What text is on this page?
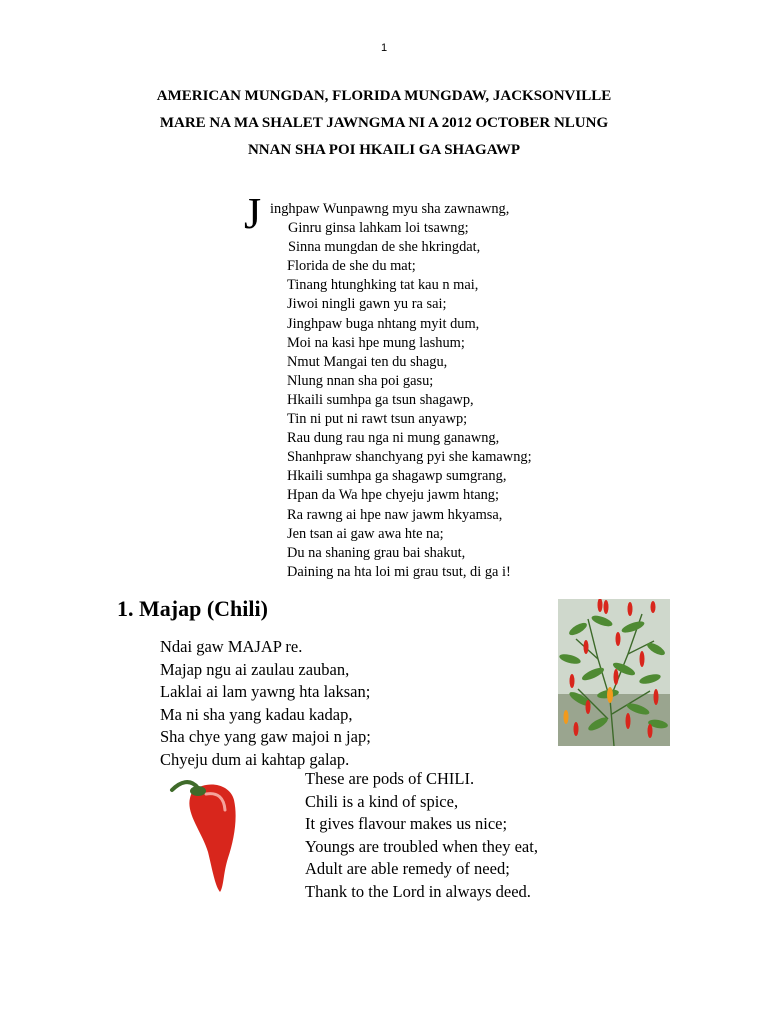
1
AMERICAN MUNGDAN, FLORIDA MUNGDAW, JACKSONVILLE
MARE NA MA SHALET JAWNGMA NI A 2012 OCTOBER NLUNG
NNAN SHA POI HKAILI GA SHAGAWP
J inghpaw Wunpawng myu sha zawnawng,
Ginru ginsa lahkam loi tsawng;
Sinna mungdan de she hkringdat,
Florida de she du mat;
Tinang htunghking tat kau n mai,
Jiwoi ningli gawn yu ra sai;
Jinghpaw buga nhtang myit dum,
Moi na kasi hpe mung lashum;
Nmut Mangai ten du shagu,
Nlung nnan sha poi gasu;
Hkaili sumhpa ga tsun shagawp,
Tin ni put ni rawt tsun anyawp;
Rau dung rau nga ni mung ganawng,
Shanhpraw shanchyang pyi she kamawng;
Hkaili sumhpa ga shagawp sumgrang,
Hpan da Wa hpe chyeju jawm htang;
Ra rawng ai hpe naw jawm hkyamsa,
Jen tsan ai gaw awa hte na;
Du na shaning grau bai shakut,
Daining na hta loi mi grau tsut, di ga i!
1. Majap (Chili)
Ndai gaw MAJAP re.
Majap ngu ai zaulau zauban,
Laklai ai lam yawng hta laksan;
Ma ni sha yang kadau kadap,
Sha chye yang gaw majoi n jap;
Chyeju dum ai kahtap galap.
These are pods of CHILI.
Chili is a kind of spice,
It gives flavour makes us nice;
Youngs are troubled when they eat,
Adult are able remedy of need;
Thank to the Lord in always deed.
